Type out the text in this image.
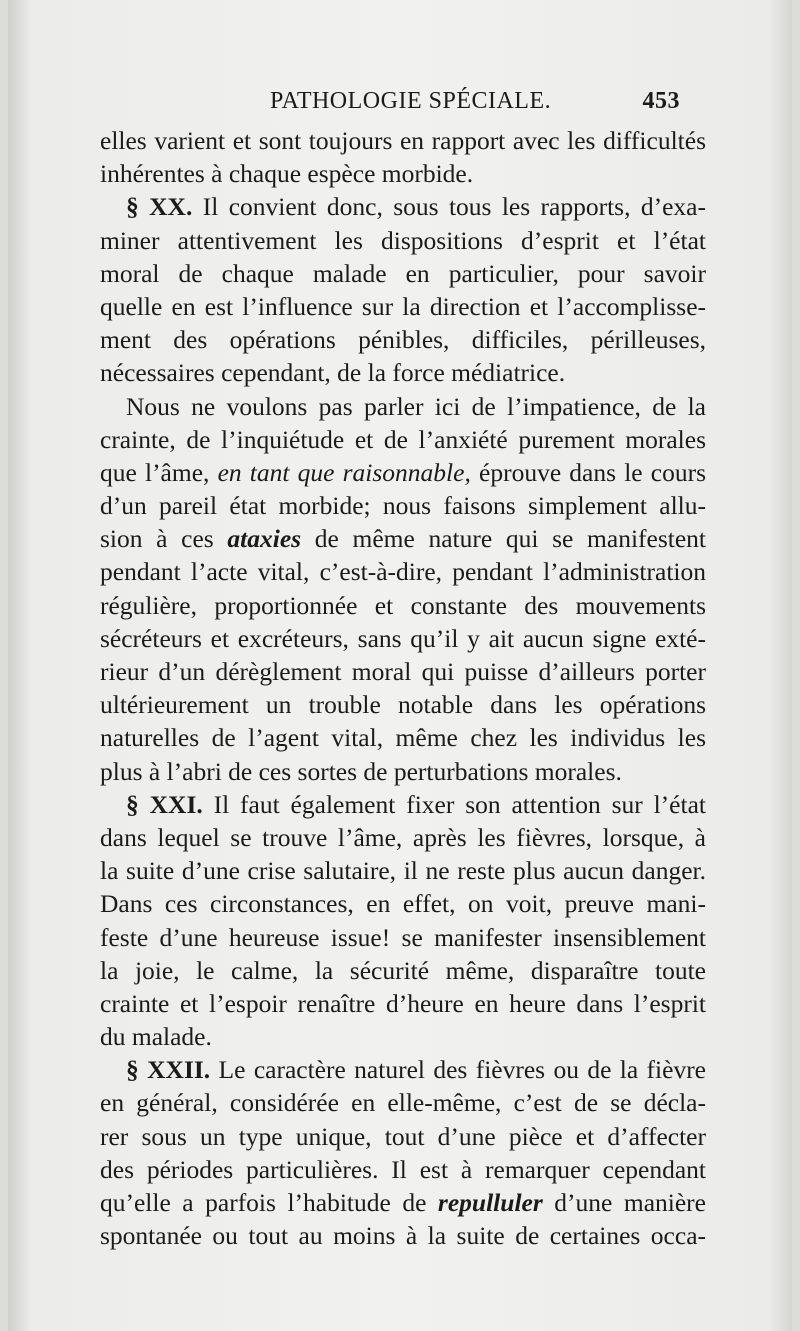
PATHOLOGIE SPÉCIALE.	453
elles varient et sont toujours en rapport avec les difficultés
inhérentes à chaque espèce morbide.
§ XX. Il convient donc, sous tous les rapports, d’exa-
miner attentivement les dispositions d’esprit et l’état
moral de chaque malade en particulier, pour savoir
quelle en est l’influence sur la direction et l’accomplisse-
ment des opérations pénibles, difficiles, périlleuses,
nécessaires cependant, de la force médiatrice.
Nous ne voulons pas parler ici de l’impatience, de la
crainte, de l’inquiétude et de l’anxiété purement morales
que l’âme, en tant que raisonnable, éprouve dans le cours
d’un pareil état morbide; nous faisons simplement allu-
sion à ces ataxies de même nature qui se manifestent
pendant l’acte vital, c’est-à-dire, pendant l’administration
régulière, proportionnée et constante des mouvements
sécréteurs et excréteurs, sans qu’il y ait aucun signe exté-
rieur d’un dérèglement moral qui puisse d’ailleurs porter
ultérieurement un trouble notable dans les opérations
naturelles de l’agent vital, même chez les individus les
plus à l’abri de ces sortes de perturbations morales.
§ XXI. Il faut également fixer son attention sur l’état
dans lequel se trouve l’âme, après les fièvres, lorsque, à
la suite d’une crise salutaire, il ne reste plus aucun danger.
Dans ces circonstances, en effet, on voit, preuve mani-
feste d’une heureuse issue! se manifester insensiblement
la joie, le calme, la sécurité même, disparaître toute
crainte et l’espoir renaître d’heure en heure dans l’esprit
du malade.
§ XXII. Le caractère naturel des fièvres ou de la fièvre
en général, considérée en elle-même, c’est de se décla-
rer sous un type unique, tout d’une pièce et d’affecter
des périodes particulières. Il est à remarquer cependant
qu’elle a parfois l’habitude de repulluler d’une manière
spontanée ou tout au moins à la suite de certaines occa-
